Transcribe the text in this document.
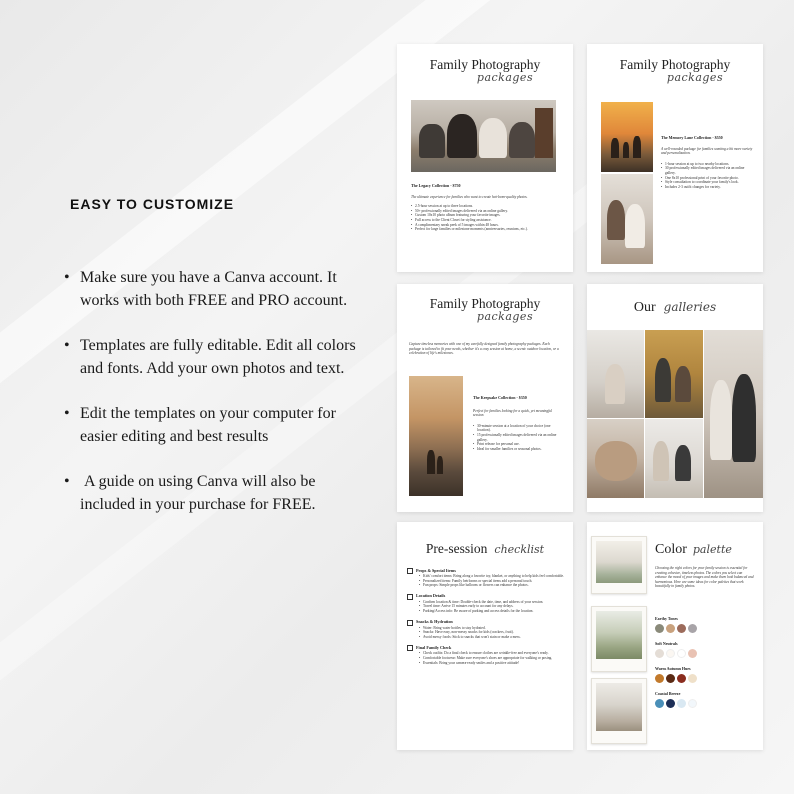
EASY TO CUSTOMIZE
• Make sure you have a Canva account. It works with both FREE and PRO account.
• Templates are fully editable. Edit all colors and fonts. Add your own photos and text.
• Edit the templates on your computer for easier editing and best results
•  A guide on using Canva will also be included in your purchase for FREE.
Family Photography
packages
The Legacy Collection - $750
The ultimate experience for families who want to create heirloom-quality photos.
• 2.5-hour session at up to three locations.
• 50+ professionally edited images delivered via an online gallery.
• Custom 10x10 photo album featuring your favorite images.
• Full access to the Client Closet for styling assistance.
• A complimentary sneak peek of 5 images within 48 hours.
• Perfect for large families or milestone moments (anniversaries, reunions, etc.).
Family Photography
packages
The Memory Lane Collection - $550
A well-rounded package for families wanting a bit more variety and personalization.
• 1-hour session at up to two nearby locations.
• 30 professionally edited images delivered via an online gallery.
• One 8x10 professional print of your favorite photo.
• Style consultation to coordinate your family's look.
• Includes 2-3 outfit changes for variety.
Family Photography
packages
Capture timeless memories with one of my carefully designed family photography packages. Each package is tailored to fit your needs, whether it's a cozy session at home, a scenic outdoor location, or a celebration of life's milestones.
The Keepsake Collection - $350
Perfect for families looking for a quick, yet meaningful session.
• 30-minute session at a location of your choice (one location).
• 15 professionally edited images delivered via an online gallery.
• Print release for personal use.
• Ideal for smaller families or seasonal photos.
Our galleries
Pre-session checklist
Props & Special Items
• Kids' comfort items: Bring along a favorite toy, blanket, or anything to help kids feel comfortable.
• Personalized items: Family heirlooms or special items add a personal touch.
• Fun props: Simple props like balloons or flowers can enhance the photos.
Location Details
• Confirm location & time: Double-check the date, time, and address of your session.
• Travel time: Arrive 15 minutes early to account for any delays.
• Parking/Access info: Be aware of parking and access details for the location.
Snacks & Hydration
• Water: Bring water bottles to stay hydrated.
• Snacks: Have easy, non-messy snacks for kids (crackers, fruit).
• Avoid messy foods: Stick to snacks that won't stain or make a mess.
Final Family Check
• Check outfits: Do a final check to ensure clothes are wrinkle-free and everyone's ready.
• Comfortable footwear: Make sure everyone's shoes are appropriate for walking or posing.
• Essentials: Bring your camera-ready smiles and a positive attitude!
Color palette
Choosing the right colors for your family session is essential for creating cohesive, timeless photos. The colors you select can enhance the mood of your images and make them look balanced and harmonious. Here are some ideas for color palettes that work beautifully in family photos.
Earthy Tones
Soft Neutrals
Warm Autumn Hues
Coastal Breeze
